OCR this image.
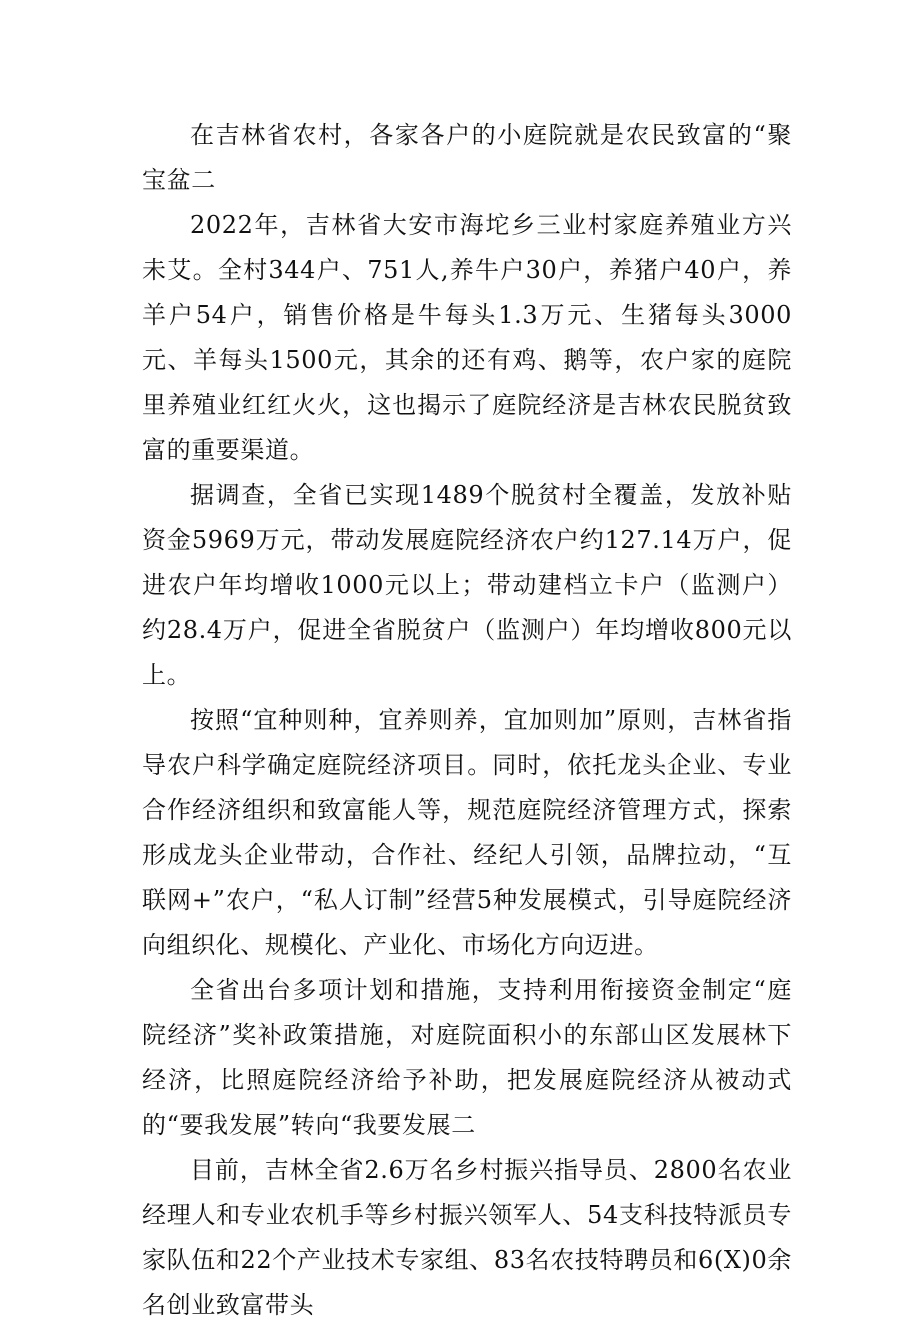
在吉林省农村，各家各户的小庭院就是农民致富的“聚宝盆二

2022年，吉林省大安市海坨乡三业村家庭养殖业方兴未艾。全村344户、751人,养牛户30户，养猪户40户，养羊户54户，销售价格是牛每头1.3万元、生猪每头3000元、羊每头1500元，其余的还有鸡、鹅等，农户家的庭院里养殖业红红火火，这也揭示了庭院经济是吉林农民脱贫致富的重要渠道。

据调查，全省已实现1489个脱贫村全覆盖，发放补贴资金5969万元，带动发展庭院经济农户约127.14万户，促进农户年均增收1000元以上；带动建档立卡户（监测户）约28.4万户，促进全省脱贫户（监测户）年均增收800元以上。

按照“宜种则种，宜养则养，宜加则加”原则，吉林省指导农户科学确定庭院经济项目。同时，依托龙头企业、专业合作经济组织和致富能人等，规范庭院经济管理方式，探索形成龙头企业带动，合作社、经纪人引领，品牌拉动，“互联网+”农户，“私人订制”经营5种发展模式，引导庭院经济向组织化、规模化、产业化、市场化方向迈进。

全省出台多项计划和措施，支持利用衔接资金制定“庭院经济”奖补政策措施，对庭院面积小的东部山区发展林下经济，比照庭院经济给予补助，把发展庭院经济从被动式的“要我发展”转向“我要发展二

目前，吉林全省2.6万名乡村振兴指导员、2800名农业经理人和专业农机手等乡村振兴领军人、54支科技特派员专家队伍和22个产业技术专家组、83名农技特聘员和6(X)0余名创业致富带头
